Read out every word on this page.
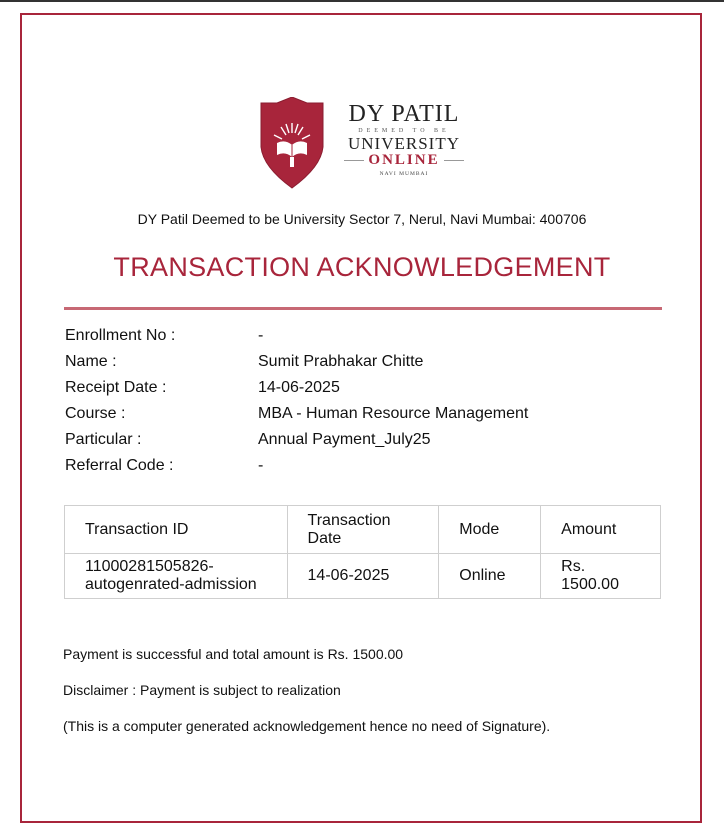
DY PATIL
DEEMED TO BE
UNIVERSITY
ONLINE
NAVI MUMBAI
DY Patil Deemed to be University Sector 7, Nerul, Navi Mumbai: 400706
TRANSACTION ACKNOWLEDGEMENT
Enrollment No :	-
Name :	Sumit Prabhakar Chitte
Receipt Date :	14-06-2025
Course :	MBA - Human Resource Management
Particular :	Annual Payment_July25
Referral Code :	-
Transaction ID	Transaction Date	Mode	Amount
11000281505826-autogenrated-admission	14-06-2025	Online	Rs. 1500.00
Payment is successful and total amount is Rs. 1500.00
Disclaimer : Payment is subject to realization
(This is a computer generated acknowledgement hence no need of Signature).
